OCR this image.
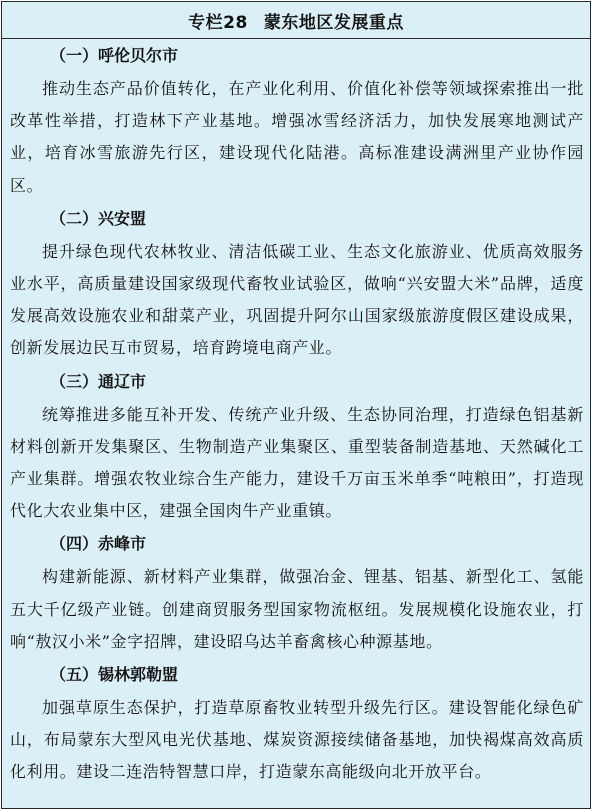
专栏28 蒙东地区发展重点
（一）呼伦贝尔市

推动生态产品价值转化，在产业化利用、价值化补偿等领域探索推出一批改革性举措，打造林下产业基地。增强冰雪经济活力，加快发展寒地测试产业，培育冰雪旅游先行区，建设现代化陆港。高标准建设满洲里产业协作园区。

（二）兴安盟

提升绿色现代农林牧业、清洁低碳工业、生态文化旅游业、优质高效服务业水平，高质量建设国家级现代畜牧业试验区，做响“兴安盟大米”品牌，适度发展高效设施农业和甜菜产业，巩固提升阿尔山国家级旅游度假区建设成果，创新发展边民互市贸易，培育跨境电商产业。

（三）通辽市

统筹推进多能互补开发、传统产业升级、生态协同治理，打造绿色铝基新材料创新开发集聚区、生物制造产业集聚区、重型装备制造基地、天然碱化工产业集群。增强农牧业综合生产能力，建设千万亩玉米单季“吨粮田”，打造现代化大农业集中区，建强全国肉牛产业重镇。

（四）赤峰市

构建新能源、新材料产业集群，做强冶金、锂基、铝基、新型化工、氢能五大千亿级产业链。创建商贸服务型国家物流枢纽。发展规模化设施农业，打响“敖汉小米”金字招牌，建设昭乌达羊畜禽核心种源基地。

（五）锡林郭勒盟

加强草原生态保护，打造草原畜牧业转型升级先行区。建设智能化绿色矿山，布局蒙东大型风电光伏基地、煤炭资源接续储备基地，加快褐煤高效高质化利用。建设二连浩特智慧口岸，打造蒙东高能级向北开放平台。
